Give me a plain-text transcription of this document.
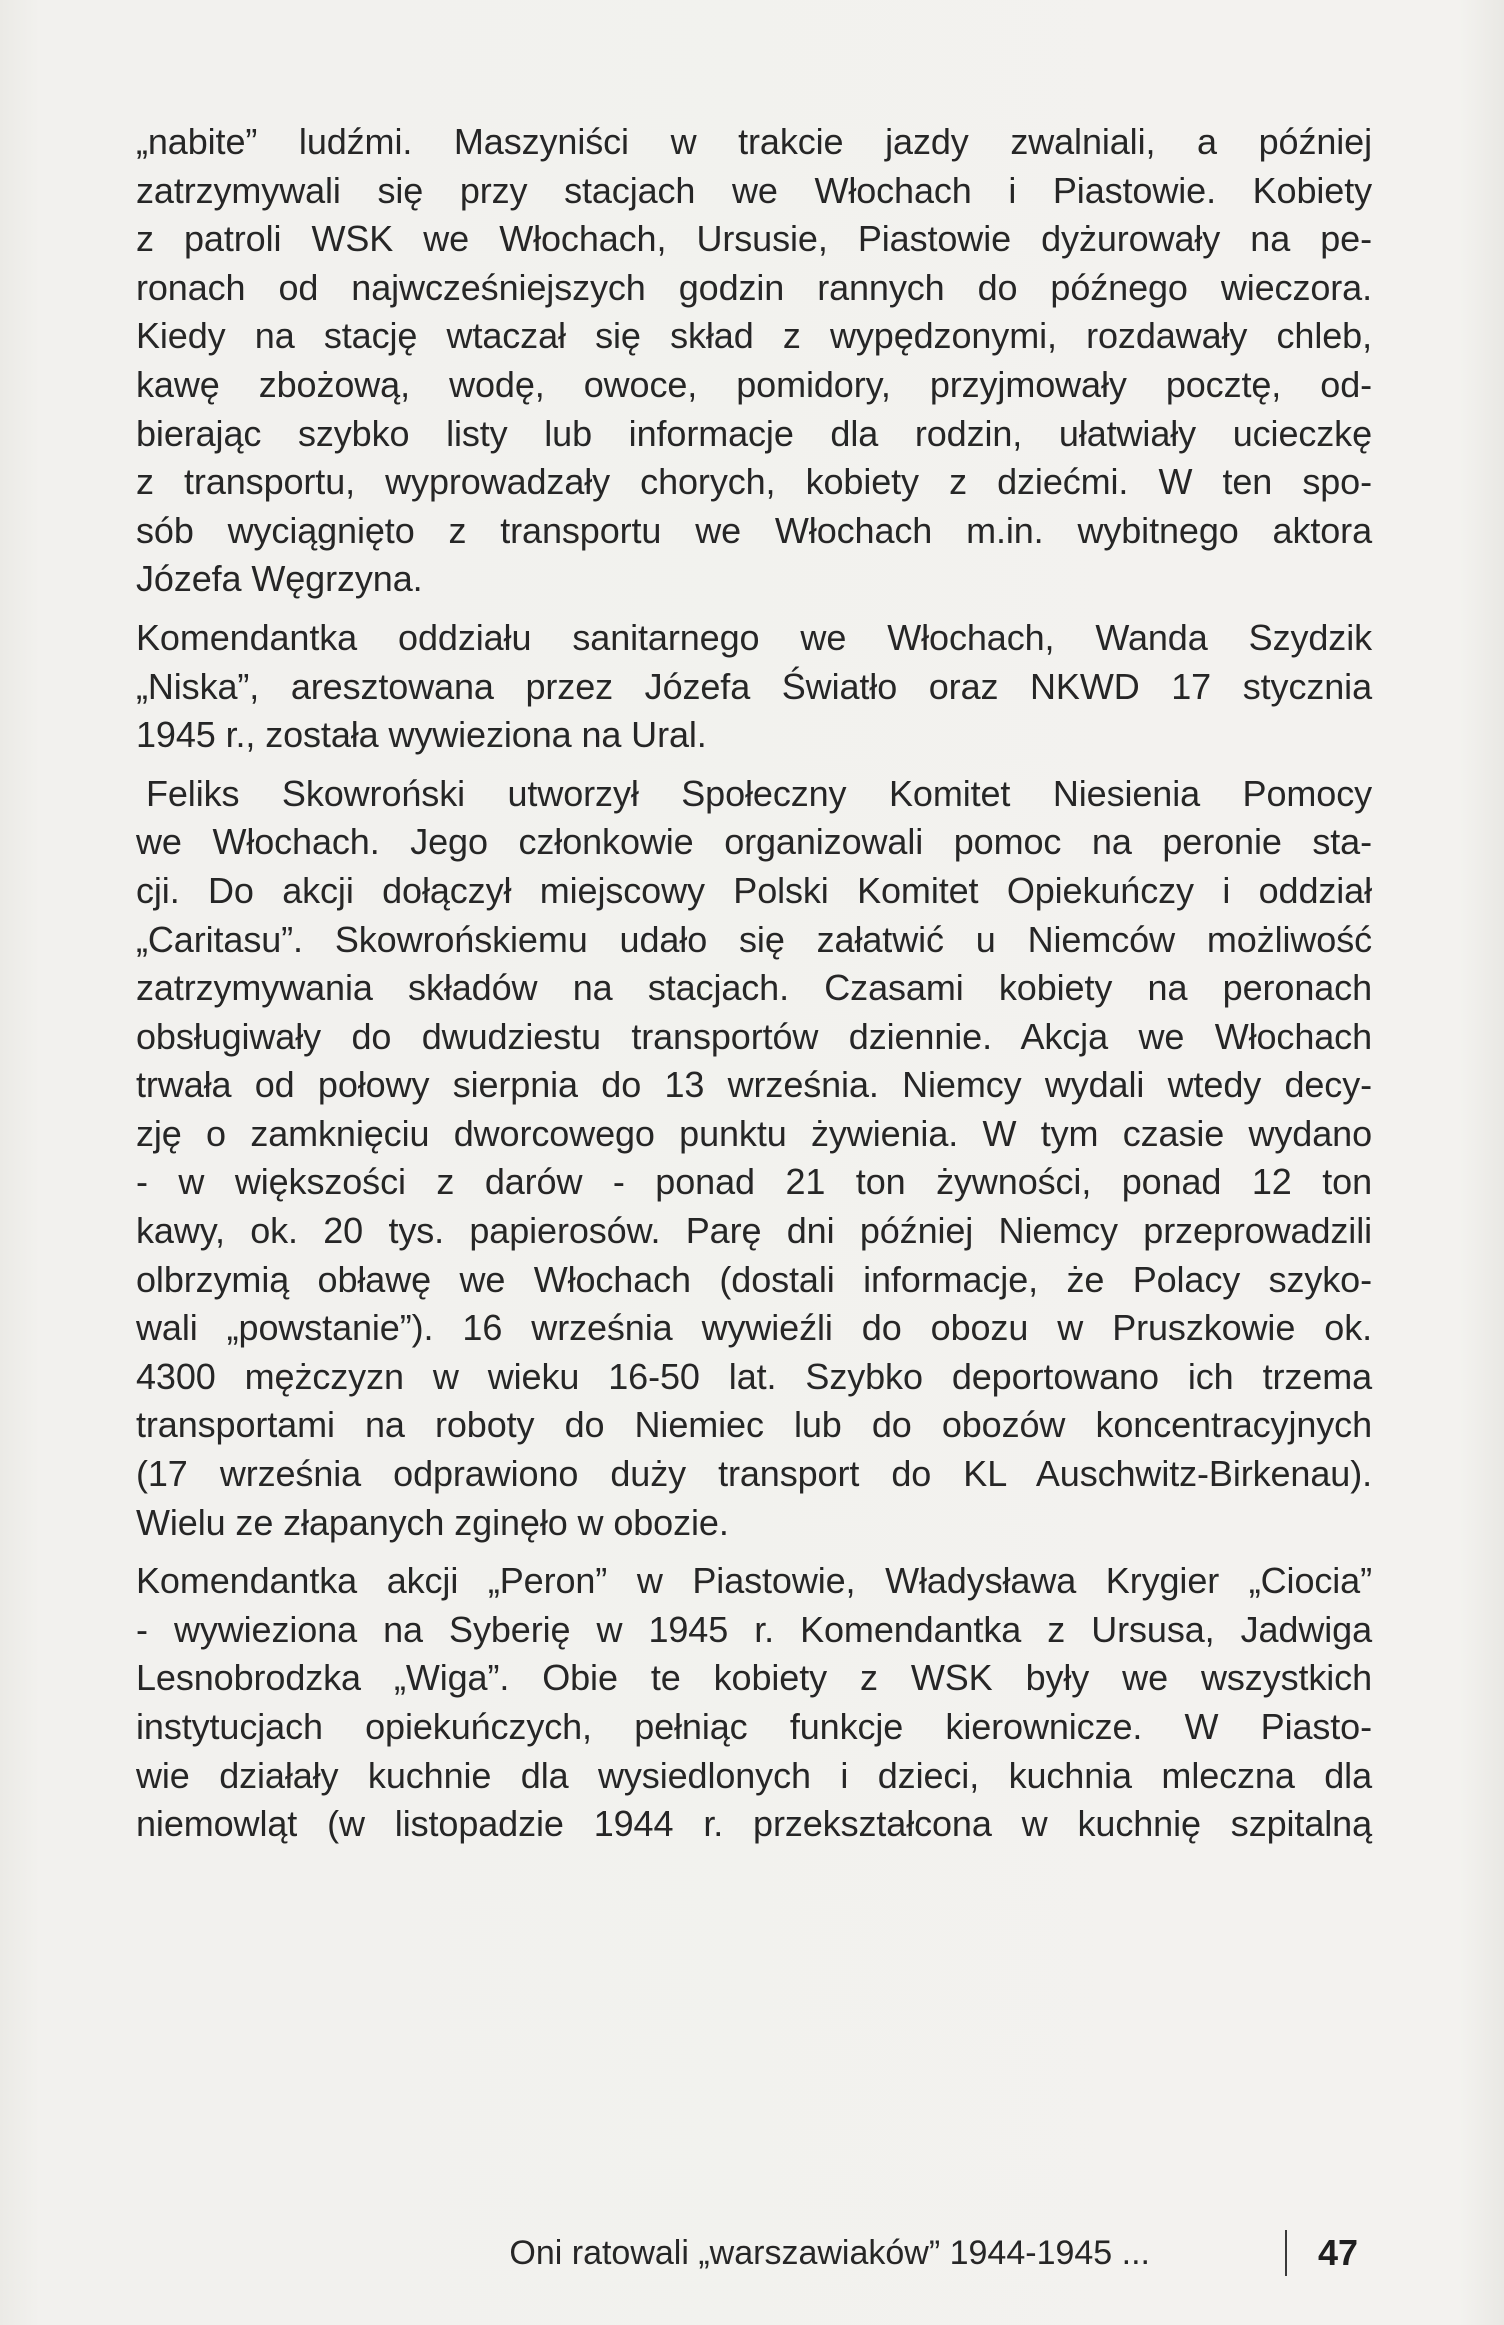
„nabite” ludźmi. Maszyniści w trakcie jazdy zwalniali, a później
zatrzymywali się przy stacjach we Włochach i Piastowie. Kobiety
z patroli WSK we Włochach, Ursusie, Piastowie dyżurowały na pe-
ronach od najwcześniejszych godzin rannych do późnego wieczora.
Kiedy na stację wtaczał się skład z wypędzonymi, rozdawały chleb,
kawę zbożową, wodę, owoce, pomidory, przyjmowały pocztę, od-
bierając szybko listy lub informacje dla rodzin, ułatwiały ucieczkę
z transportu, wyprowadzały chorych, kobiety z dziećmi. W ten spo-
sób wyciągnięto z transportu we Włochach m.in. wybitnego aktora
Józefa Węgrzyna.
Komendantka oddziału sanitarnego we Włochach, Wanda Szydzik
„Niska”, aresztowana przez Józefa Światło oraz NKWD 17 stycznia
1945 r., została wywieziona na Ural.
Feliks Skowroński utworzył Społeczny Komitet Niesienia Pomocy
we Włochach. Jego członkowie organizowali pomoc na peronie sta-
cji. Do akcji dołączył miejscowy Polski Komitet Opiekuńczy i oddział
„Caritasu”. Skowrońskiemu udało się załatwić u Niemców możliwość
zatrzymywania składów na stacjach. Czasami kobiety na peronach
obsługiwały do dwudziestu transportów dziennie. Akcja we Włochach
trwała od połowy sierpnia do 13 września. Niemcy wydali wtedy decy-
zję o zamknięciu dworcowego punktu żywienia. W tym czasie wydano
- w większości z darów - ponad 21 ton żywności, ponad 12 ton
kawy, ok. 20 tys. papierosów. Parę dni później Niemcy przeprowadzili
olbrzymią obławę we Włochach (dostali informacje, że Polacy szyko-
wali „powstanie”). 16 września wywieźli do obozu w Pruszkowie ok.
4300 mężczyzn w wieku 16-50 lat. Szybko deportowano ich trzema
transportami na roboty do Niemiec lub do obozów koncentracyjnych
(17 września odprawiono duży transport do KL Auschwitz-Birkenau).
Wielu ze złapanych zginęło w obozie.
Komendantka akcji „Peron” w Piastowie, Władysława Krygier „Ciocia”
- wywieziona na Syberię w 1945 r. Komendantka z Ursusa, Jadwiga
Lesnobrodzka „Wiga”. Obie te kobiety z WSK były we wszystkich
instytucjach opiekuńczych, pełniąc funkcje kierownicze. W Piasto-
wie działały kuchnie dla wysiedlonych i dzieci, kuchnia mleczna dla
niemowląt (w listopadzie 1944 r. przekształcona w kuchnię szpitalną
Oni ratowali „warszawiaków” 1944-1945 ...	47
